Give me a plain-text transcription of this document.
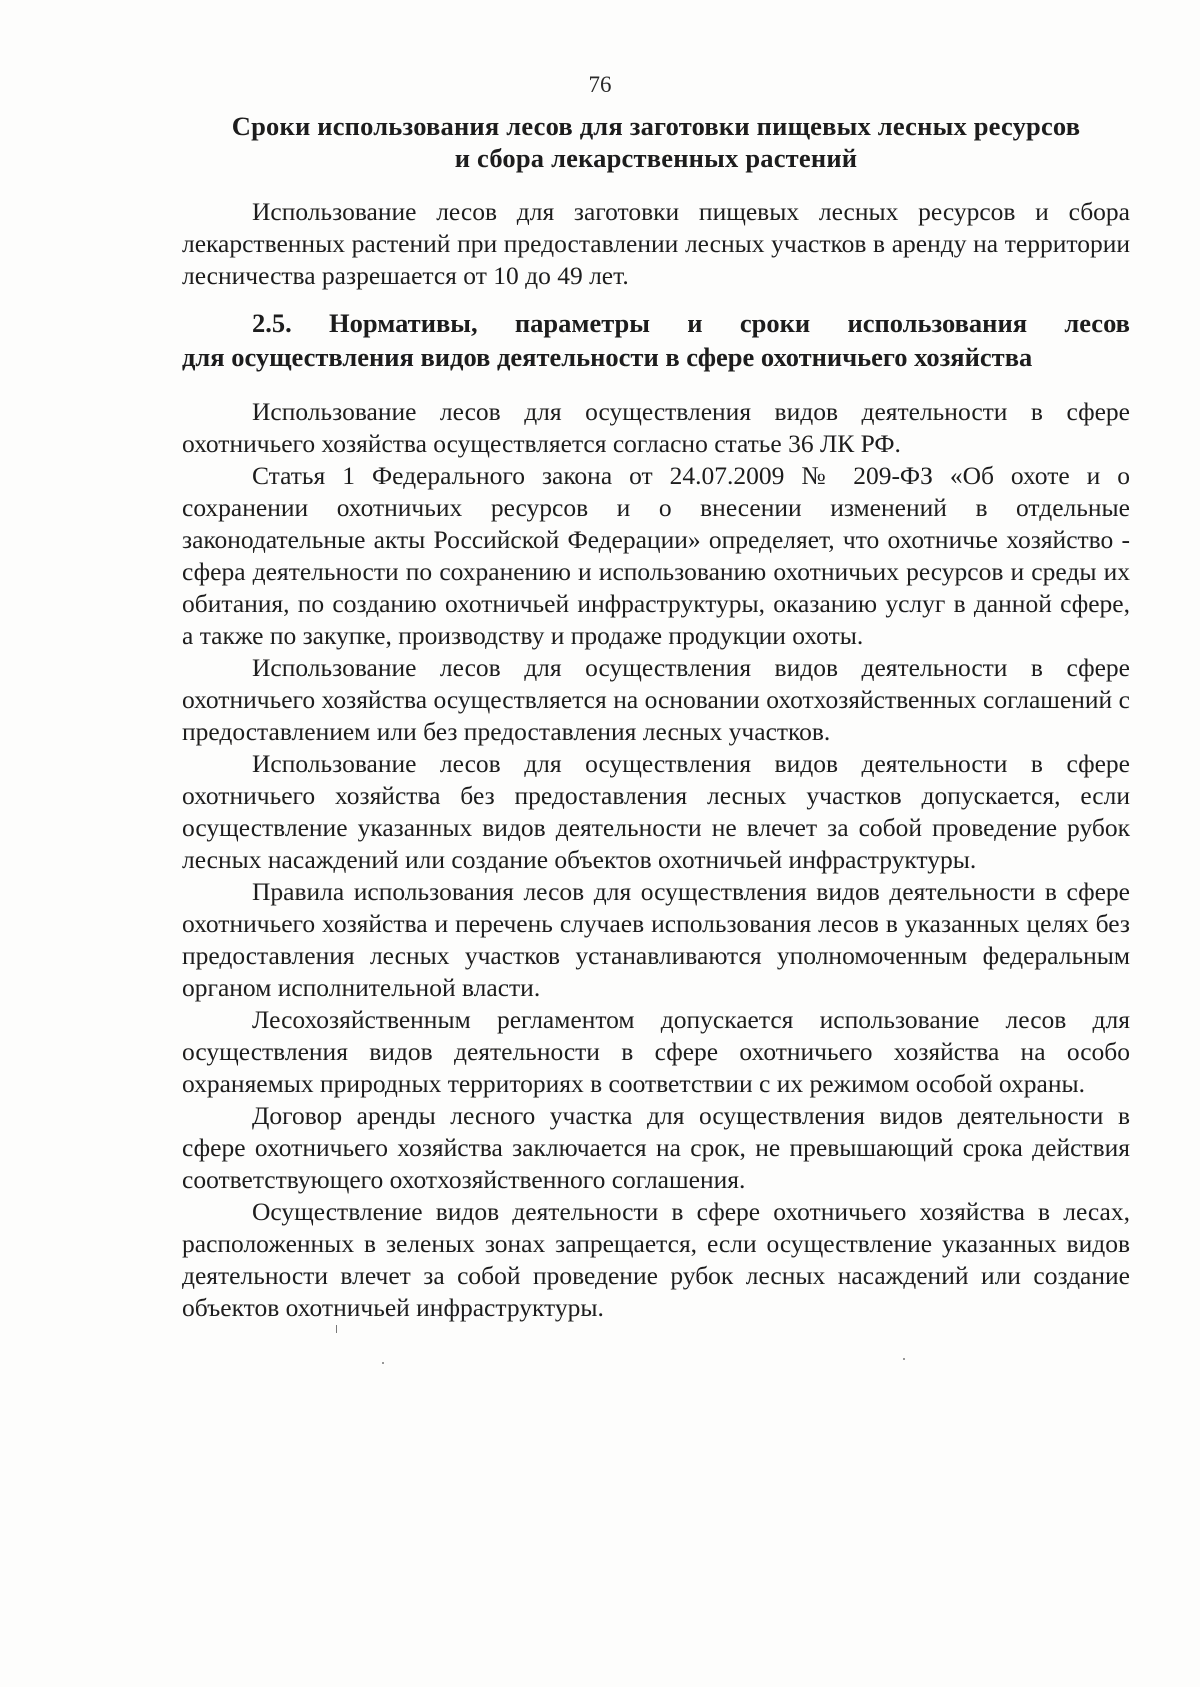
76
Сроки использования лесов для заготовки пищевых лесных ресурсов
и сбора лекарственных растений

Использование лесов для заготовки пищевых лесных ресурсов и сбора лекарственных растений при предоставлении лесных участков в аренду на территории лесничества разрешается от 10 до 49 лет.

2.5. Нормативы, параметры и сроки использования лесов
для осуществления видов деятельности в сфере охотничьего хозяйства

Использование лесов для осуществления видов деятельности в сфере охотничьего хозяйства осуществляется согласно статье 36 ЛК РФ.

Статья 1 Федерального закона от 24.07.2009 № 209-ФЗ «Об охоте и о сохранении охотничьих ресурсов и о внесении изменений в отдельные законодательные акты Российской Федерации» определяет, что охотничье хозяйство - сфера деятельности по сохранению и использованию охотничьих ресурсов и среды их обитания, по созданию охотничьей инфраструктуры, оказанию услуг в данной сфере, а также по закупке, производству и продаже продукции охоты.

Использование лесов для осуществления видов деятельности в сфере охотничьего хозяйства осуществляется на основании охотхозяйственных соглашений с предоставлением или без предоставления лесных участков.

Использование лесов для осуществления видов деятельности в сфере охотничьего хозяйства без предоставления лесных участков допускается, если осуществление указанных видов деятельности не влечет за собой проведение рубок лесных насаждений или создание объектов охотничьей инфраструктуры.

Правила использования лесов для осуществления видов деятельности в сфере охотничьего хозяйства и перечень случаев использования лесов в указанных целях без предоставления лесных участков устанавливаются уполномоченным федеральным органом исполнительной власти.

Лесохозяйственным регламентом допускается использование лесов для осуществления видов деятельности в сфере охотничьего хозяйства на особо охраняемых природных территориях в соответствии с их режимом особой охраны.

Договор аренды лесного участка для осуществления видов деятельности в сфере охотничьего хозяйства заключается на срок, не превышающий срока действия соответствующего охотхозяйственного соглашения.

Осуществление видов деятельности в сфере охотничьего хозяйства в лесах, расположенных в зеленых зонах запрещается, если осуществление указанных видов деятельности влечет за собой проведение рубок лесных насаждений или создание объектов охотничьей инфраструктуры.
